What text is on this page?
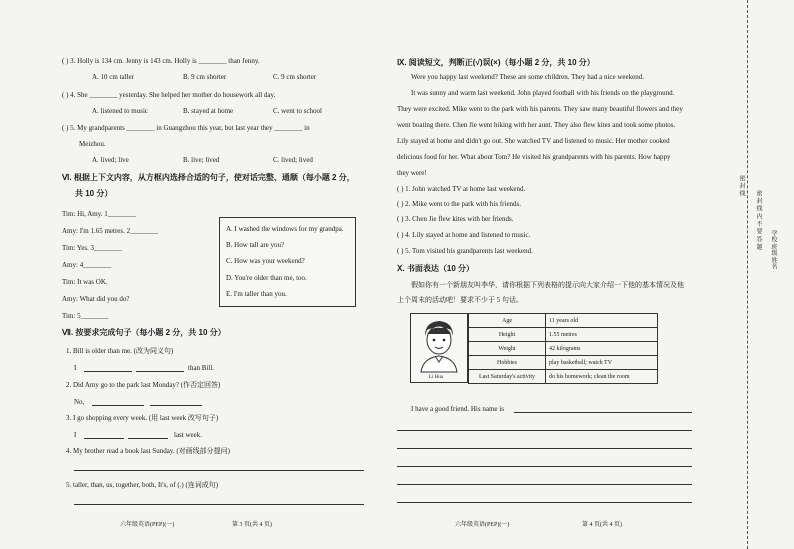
( ) 3. Holly is 134 cm. Jenny is 143 cm. Holly is ________ than Jenny.
A. 10 cm taller	B. 9 cm shorter	C. 9 cm shorter
( ) 4. She ________ yesterday. She helped her mother do housework all day.
A. listened to music	B. stayed at home	C. went to school
( ) 5. My grandparents ________ in Guangzhou this year, but last year they ________ in
Meizhou.
A. lived; live	B. live; lived	C. lived; lived
Ⅵ. 根据上下文内容，从方框内选择合适的句子，使对话完整、通顺（每小题 2 分，
共 10 分）
Tim: Hi, Amy. 1________
Amy: I'm 1.65 metres. 2________
Tim: Yes. 3________
Amy: 4________
Tim: It was OK.
Amy: What did you do?
Tim: 5________
A. I washed the windows for my grandpa.
B. How tall are you?
C. How was your weekend?
D. You're older than me, too.
E. I'm taller than you.
Ⅶ. 按要求完成句子（每小题 2 分，共 10 分）
1. Bill is older than me. (改为同义句)
I	than Bill.
2. Did Amy go to the park last Monday? (作否定回答)
No,
3. I go shopping every week. (用 last week 改写句子)
I	last week.
4. My brother read a book last Sunday. (对画线部分提问)
5. taller, than, us, together, both, It's, of (.) (连词成句)
六年级英语(PEP)(一)	第 3 页(共 4 页)
Ⅸ. 阅读短文，判断正(√)误(×)（每小题 2 分，共 10 分）
Were you happy last weekend? These are some children. They had a nice weekend.
It was sunny and warm last weekend. John played football with his friends on the playground.
They were excited. Mike went to the park with his parents. They saw many beautiful flowers and they
went boating there. Chen Jie went hiking with her aunt. They also flew kites and took some photos.
Lily stayed at home and didn't go out. She watched TV and listened to music. Her mother cooked
delicious food for her. What about Tom? He visited his grandparents with his parents. How happy
they were!
( ) 1. John watched TV at home last weekend.
( ) 2. Mike went to the park with his friends.
( ) 3. Chen Jie flew kites with her friends.
( ) 4. Lily stayed at home and listened to music.
( ) 5. Tom visited his grandparents last weekend.
Ⅹ. 书面表达（10 分）
假如你有一个新朋友叫李华，请你根据下列表格的提示向大家介绍一下他的基本情况及他
上个周末的活动吧！要求不少于 5 句话。
Li Hua
Age	11 years old
Height	1.55 metres
Weight	42 kilograms
Hobbies	play basketball; watch TV
Last Saturday's activity	do his homework; clean the room
I have a good friend. His name is
六年级英语(PEP)(一)	第 4 页(共 4 页)
密 封 线
密 封 线 内 不 要 答 题	学校 班级 姓名
